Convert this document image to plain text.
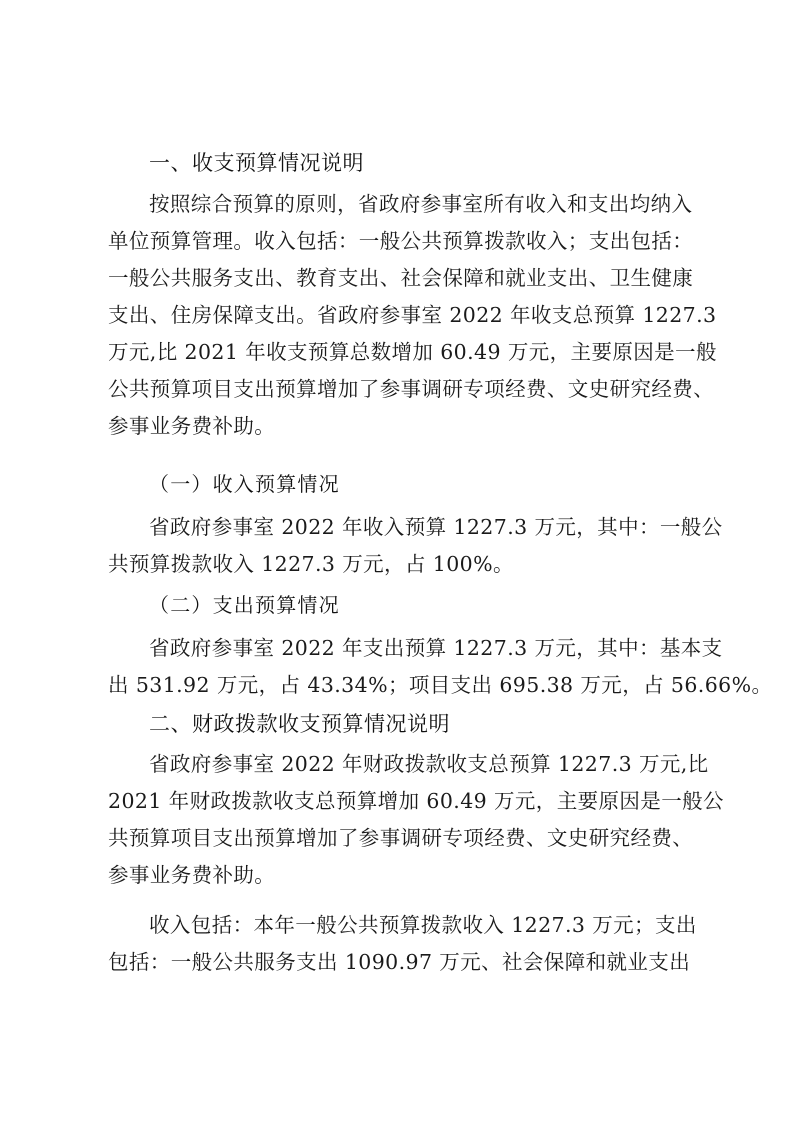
一、收支预算情况说明
按照综合预算的原则，省政府参事室所有收入和支出均纳入
单位预算管理。收入包括：一般公共预算拨款收入；支出包括：
一般公共服务支出、教育支出、社会保障和就业支出、卫生健康
支出、住房保障支出。省政府参事室 2022 年收支总预算 1227.3
万元,比 2021 年收支预算总数增加 60.49 万元，主要原因是一般
公共预算项目支出预算增加了参事调研专项经费、文史研究经费、
参事业务费补助。
（一）收入预算情况
省政府参事室 2022 年收入预算 1227.3 万元，其中：一般公
共预算拨款收入 1227.3 万元，占 100%。
（二）支出预算情况
省政府参事室 2022 年支出预算 1227.3 万元，其中：基本支
出 531.92 万元，占 43.34%；项目支出 695.38 万元，占 56.66%。
二、财政拨款收支预算情况说明
省政府参事室 2022 年财政拨款收支总预算 1227.3 万元,比
2021 年财政拨款收支总预算增加 60.49 万元，主要原因是一般公
共预算项目支出预算增加了参事调研专项经费、文史研究经费、
参事业务费补助。
收入包括：本年一般公共预算拨款收入 1227.3 万元；支出
包括：一般公共服务支出 1090.97 万元、社会保障和就业支出
